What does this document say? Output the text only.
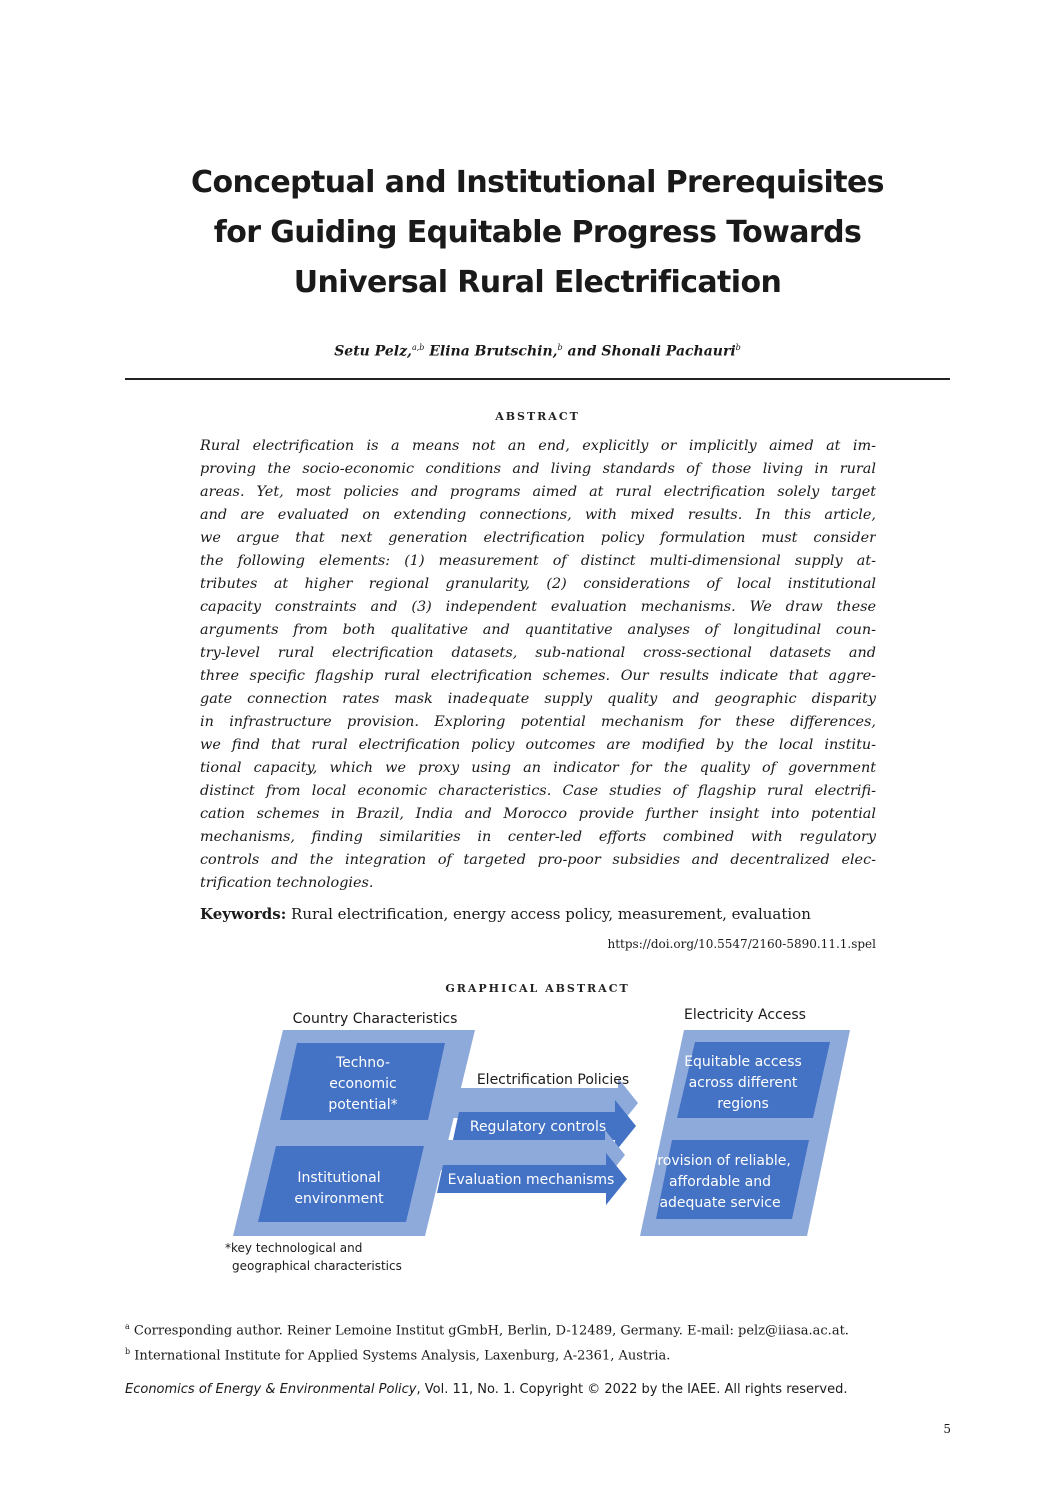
Conceptual and Institutional Prerequisites
for Guiding Equitable Progress Towards
Universal Rural Electrification
Setu Pelz,$^{a,b}$ Elina Brutschin,$^b$ and Shonali Pachauri$^b$
ABSTRACT
Rural electrification is a means not an end, explicitly or implicitly aimed at im-
proving the socio-economic conditions and living standards of those living in rural
areas. Yet, most policies and programs aimed at rural electrification solely target
and are evaluated on extending connections, with mixed results. In this article,
we argue that next generation electrification policy formulation must consider
the following elements: (1) measurement of distinct multi-dimensional supply at-
tributes at higher regional granularity, (2) considerations of local institutional
capacity constraints and (3) independent evaluation mechanisms. We draw these
arguments from both qualitative and quantitative analyses of longitudinal coun-
try-level rural electrification datasets, sub-national cross-sectional datasets and
three specific flagship rural electrification schemes. Our results indicate that aggre-
gate connection rates mask inadequate supply quality and geographic disparity
in infrastructure provision. Exploring potential mechanism for these differences,
we find that rural electrification policy outcomes are modified by the local institu-
tional capacity, which we proxy using an indicator for the quality of government
distinct from local economic characteristics. Case studies of flagship rural electrifi-
cation schemes in Brazil, India and Morocco provide further insight into potential
mechanisms, finding similarities in center-led efforts combined with regulatory
controls and the integration of targeted pro-poor subsidies and decentralized elec-
trification technologies.
Keywords: Rural electrification, energy access policy, measurement, evaluation
https://doi.org/10.5547/2160-5890.11.1.spel
GRAPHICAL ABSTRACT
Country Characteristics
Electrification Policies
Electricity Access
Techno-
economic
potential*
Institutional
environment
Regulatory controls
Evaluation mechanisms
Equitable access
across different
regions
Provision of reliable,
affordable and
adequate service
*key technological and
geographical characteristics
$^a$ Corresponding author. Reiner Lemoine Institut gGmbH, Berlin, D-12489, Germany. E-mail: pelz@iiasa.ac.at.
$^b$ International Institute for Applied Systems Analysis, Laxenburg, A-2361, Austria.
Economics of Energy & Environmental Policy, Vol. 11, No. 1. Copyright © 2022 by the IAEE. All rights reserved.
5
